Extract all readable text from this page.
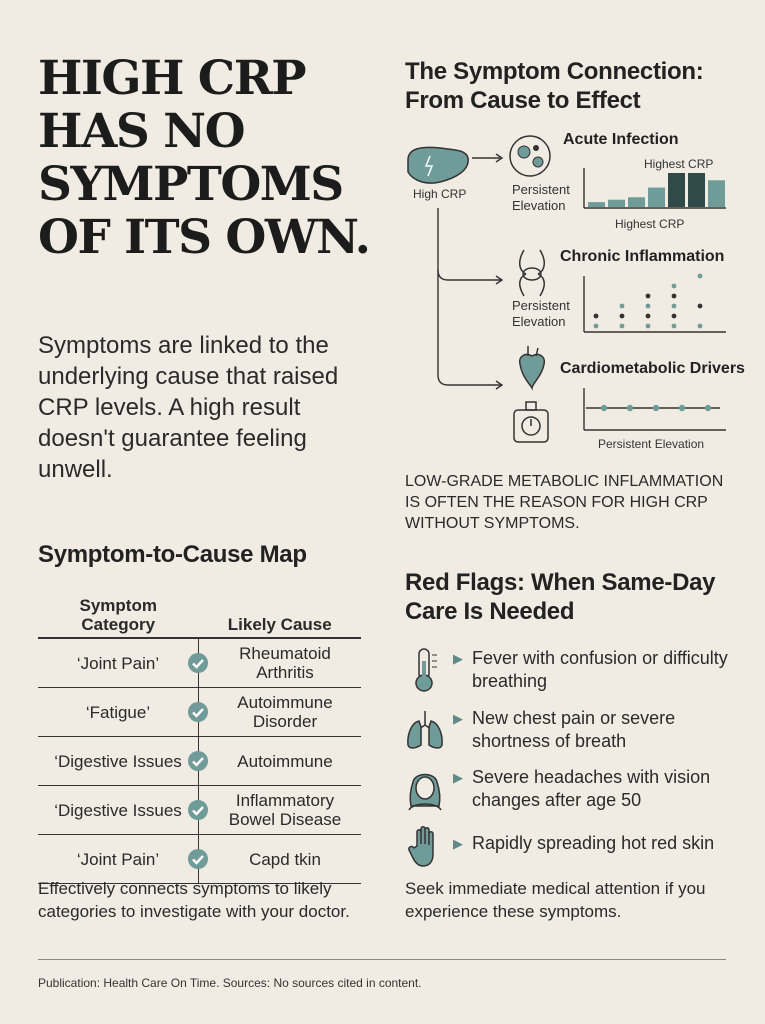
HIGH CRP HAS NO SYMPTOMS OF ITS OWN.

Symptoms are linked to the underlying cause that raised CRP levels. A high result doesn't guarantee feeling unwell.

Symptom-to-Cause Map
Symptom Category	Likely Cause
‘Joint Pain’	Rheumatoid Arthritis
‘Fatigue’	Autoimmune Disorder
‘Digestive Issues	Autoimmune
‘Digestive Issues	Inflammatory Bowel Disease
‘Joint Pain’	Capd tkin
Effectively connects symptoms to likely categories to investigate with your doctor.
The Symptom Connection:
From Cause to Effect
Acute Infection
Highest CRP
Highest CRP
High CRP	Persistent Elevation
Chronic Inflammation
Persistent Elevation
Cardiometabolic Drivers
Persistent Elevation
LOW-GRADE METABOLIC INFLAMMATION IS OFTEN THE REASON FOR HIGH CRP WITHOUT SYMPTOMS.
Red Flags: When Same-Day
Care Is Needed
▶ Fever with confusion or difficulty breathing
▶ New chest pain or severe shortness of breath
▶ Severe headaches with vision changes after age 50
▶ Rapidly spreading hot red skin
Seek immediate medical attention if you experience these symptoms.
Publication: Health Care On Time. Sources: No sources cited in content.
